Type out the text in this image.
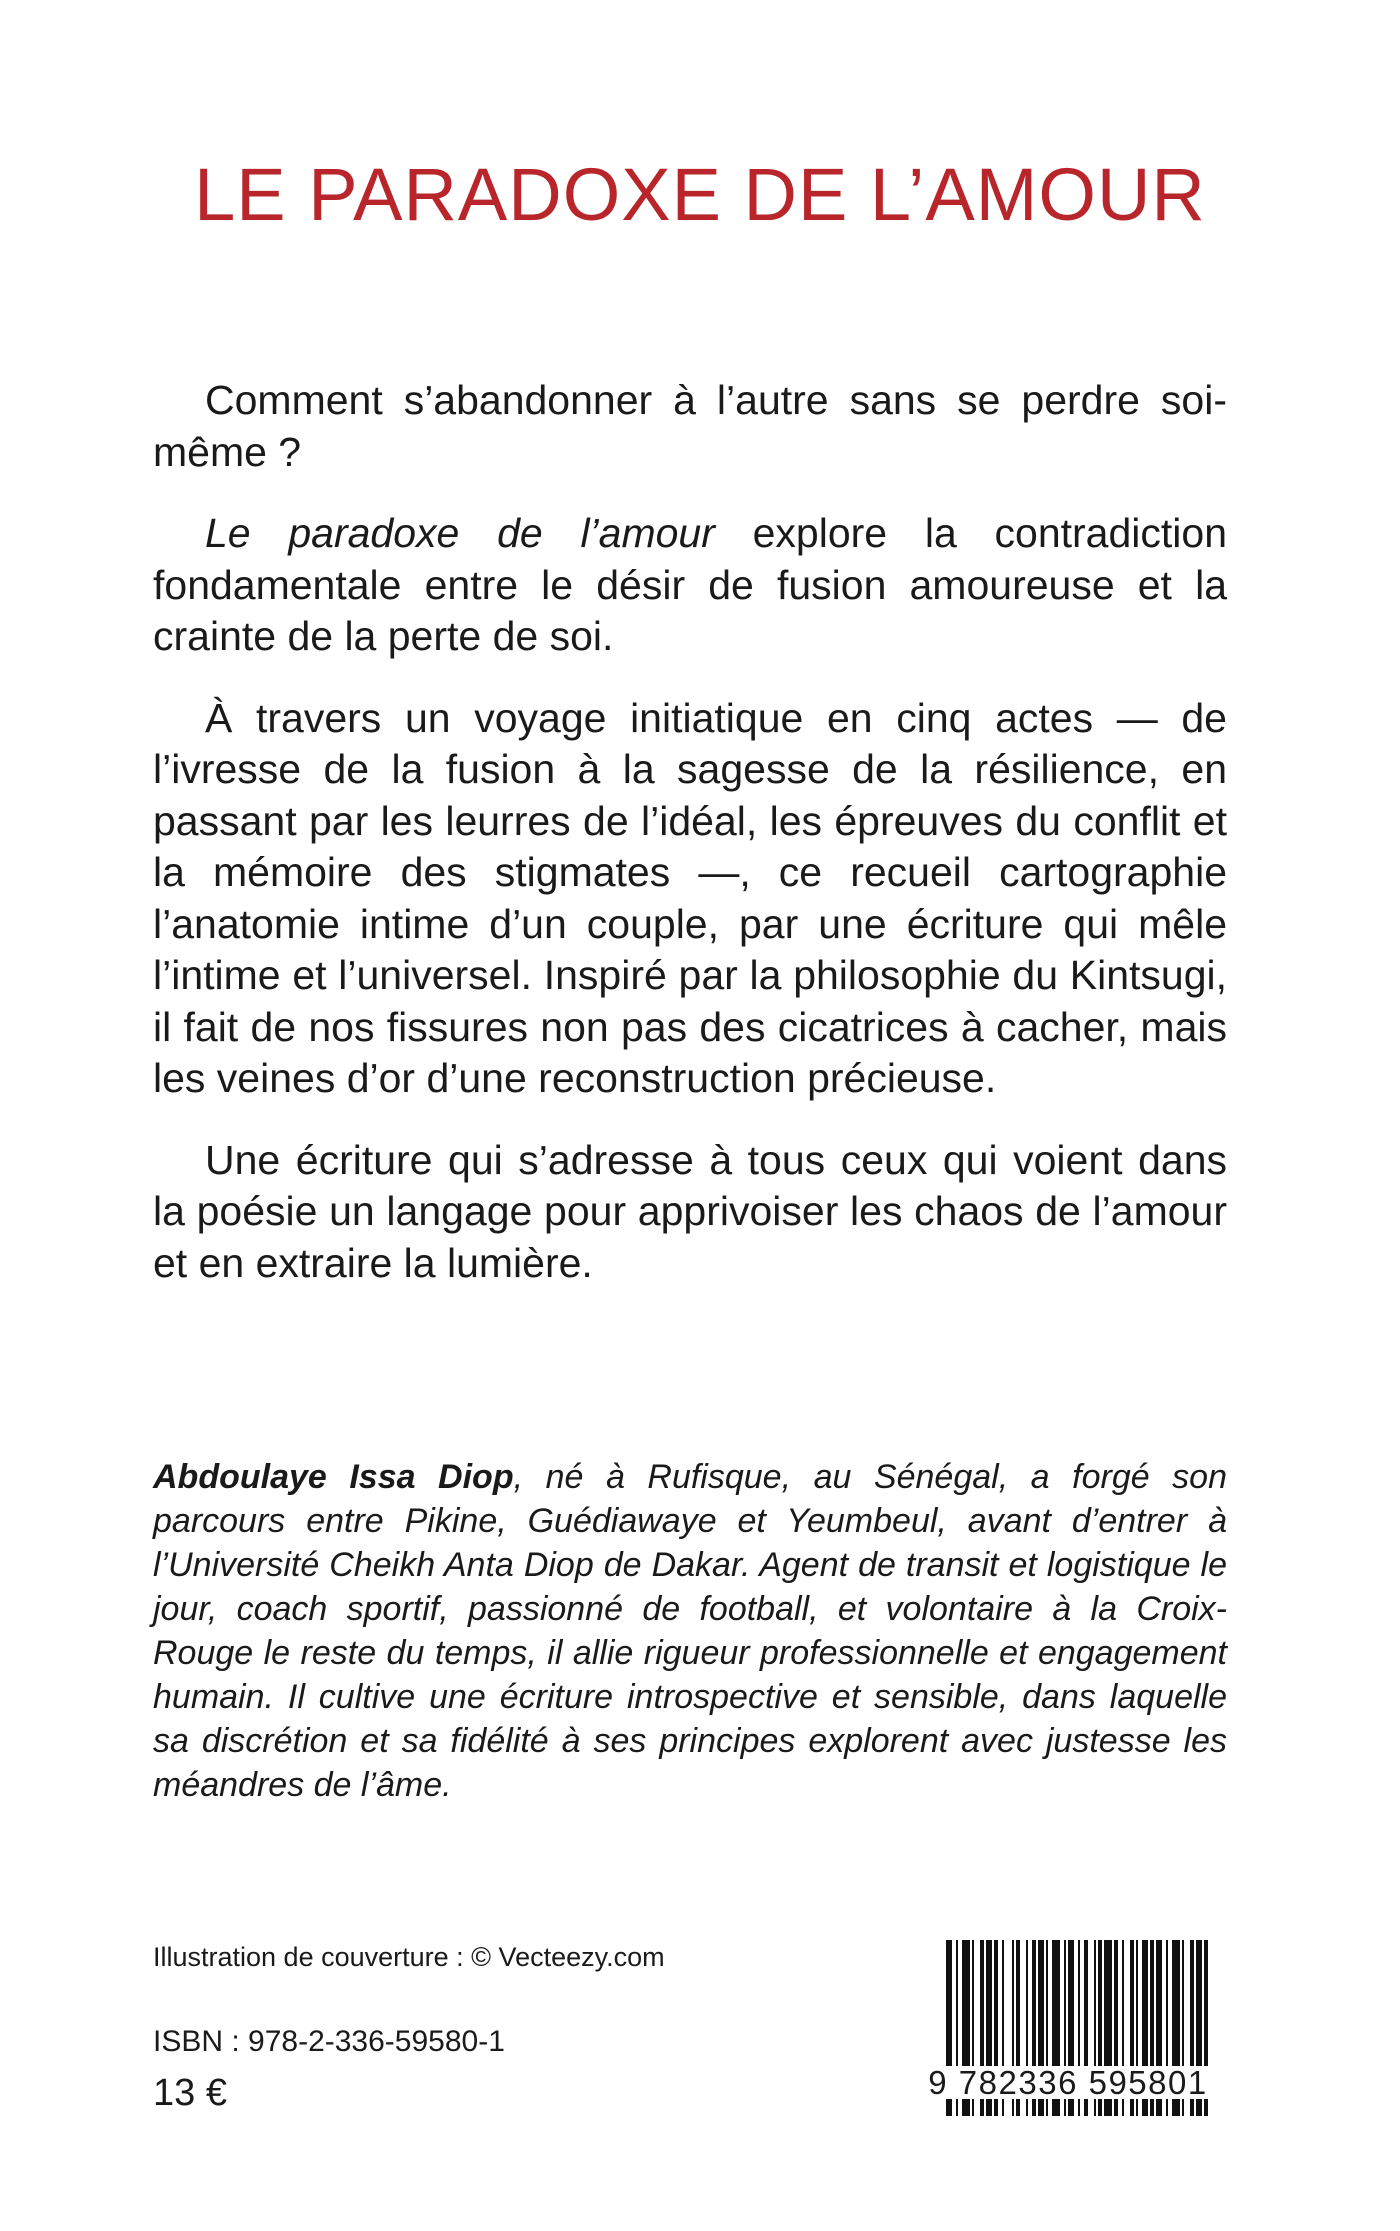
LE PARADOXE DE L’AMOUR

Comment s’abandonner à l’autre sans se perdre soi-même ?

Le paradoxe de l’amour explore la contradiction fondamentale entre le désir de fusion amoureuse et la crainte de la perte de soi.

À travers un voyage initiatique en cinq actes — de l’ivresse de la fusion à la sagesse de la résilience, en passant par les leurres de l’idéal, les épreuves du conflit et la mémoire des stigmates —, ce recueil cartographie l’anatomie intime d’un couple, par une écriture qui mêle l’intime et l’universel. Inspiré par la philosophie du Kintsugi, il fait de nos fissures non pas des cicatrices à cacher, mais les veines d’or d’une reconstruction précieuse.

Une écriture qui s’adresse à tous ceux qui voient dans la poésie un langage pour apprivoiser les chaos de l’amour et en extraire la lumière.

Abdoulaye Issa Diop, né à Rufisque, au Sénégal, a forgé son parcours entre Pikine, Guédiawaye et Yeumbeul, avant d’entrer à l’Université Cheikh Anta Diop de Dakar. Agent de transit et logistique le jour, coach sportif, passionné de football, et volontaire à la Croix-Rouge le reste du temps, il allie rigueur professionnelle et engagement humain. Il cultive une écriture introspective et sensible, dans laquelle sa discrétion et sa fidélité à ses principes explorent avec justesse les méandres de l’âme.

Illustration de couverture : © Vecteezy.com

ISBN : 978-2-336-59580-1

13 €	9 782336 595801
